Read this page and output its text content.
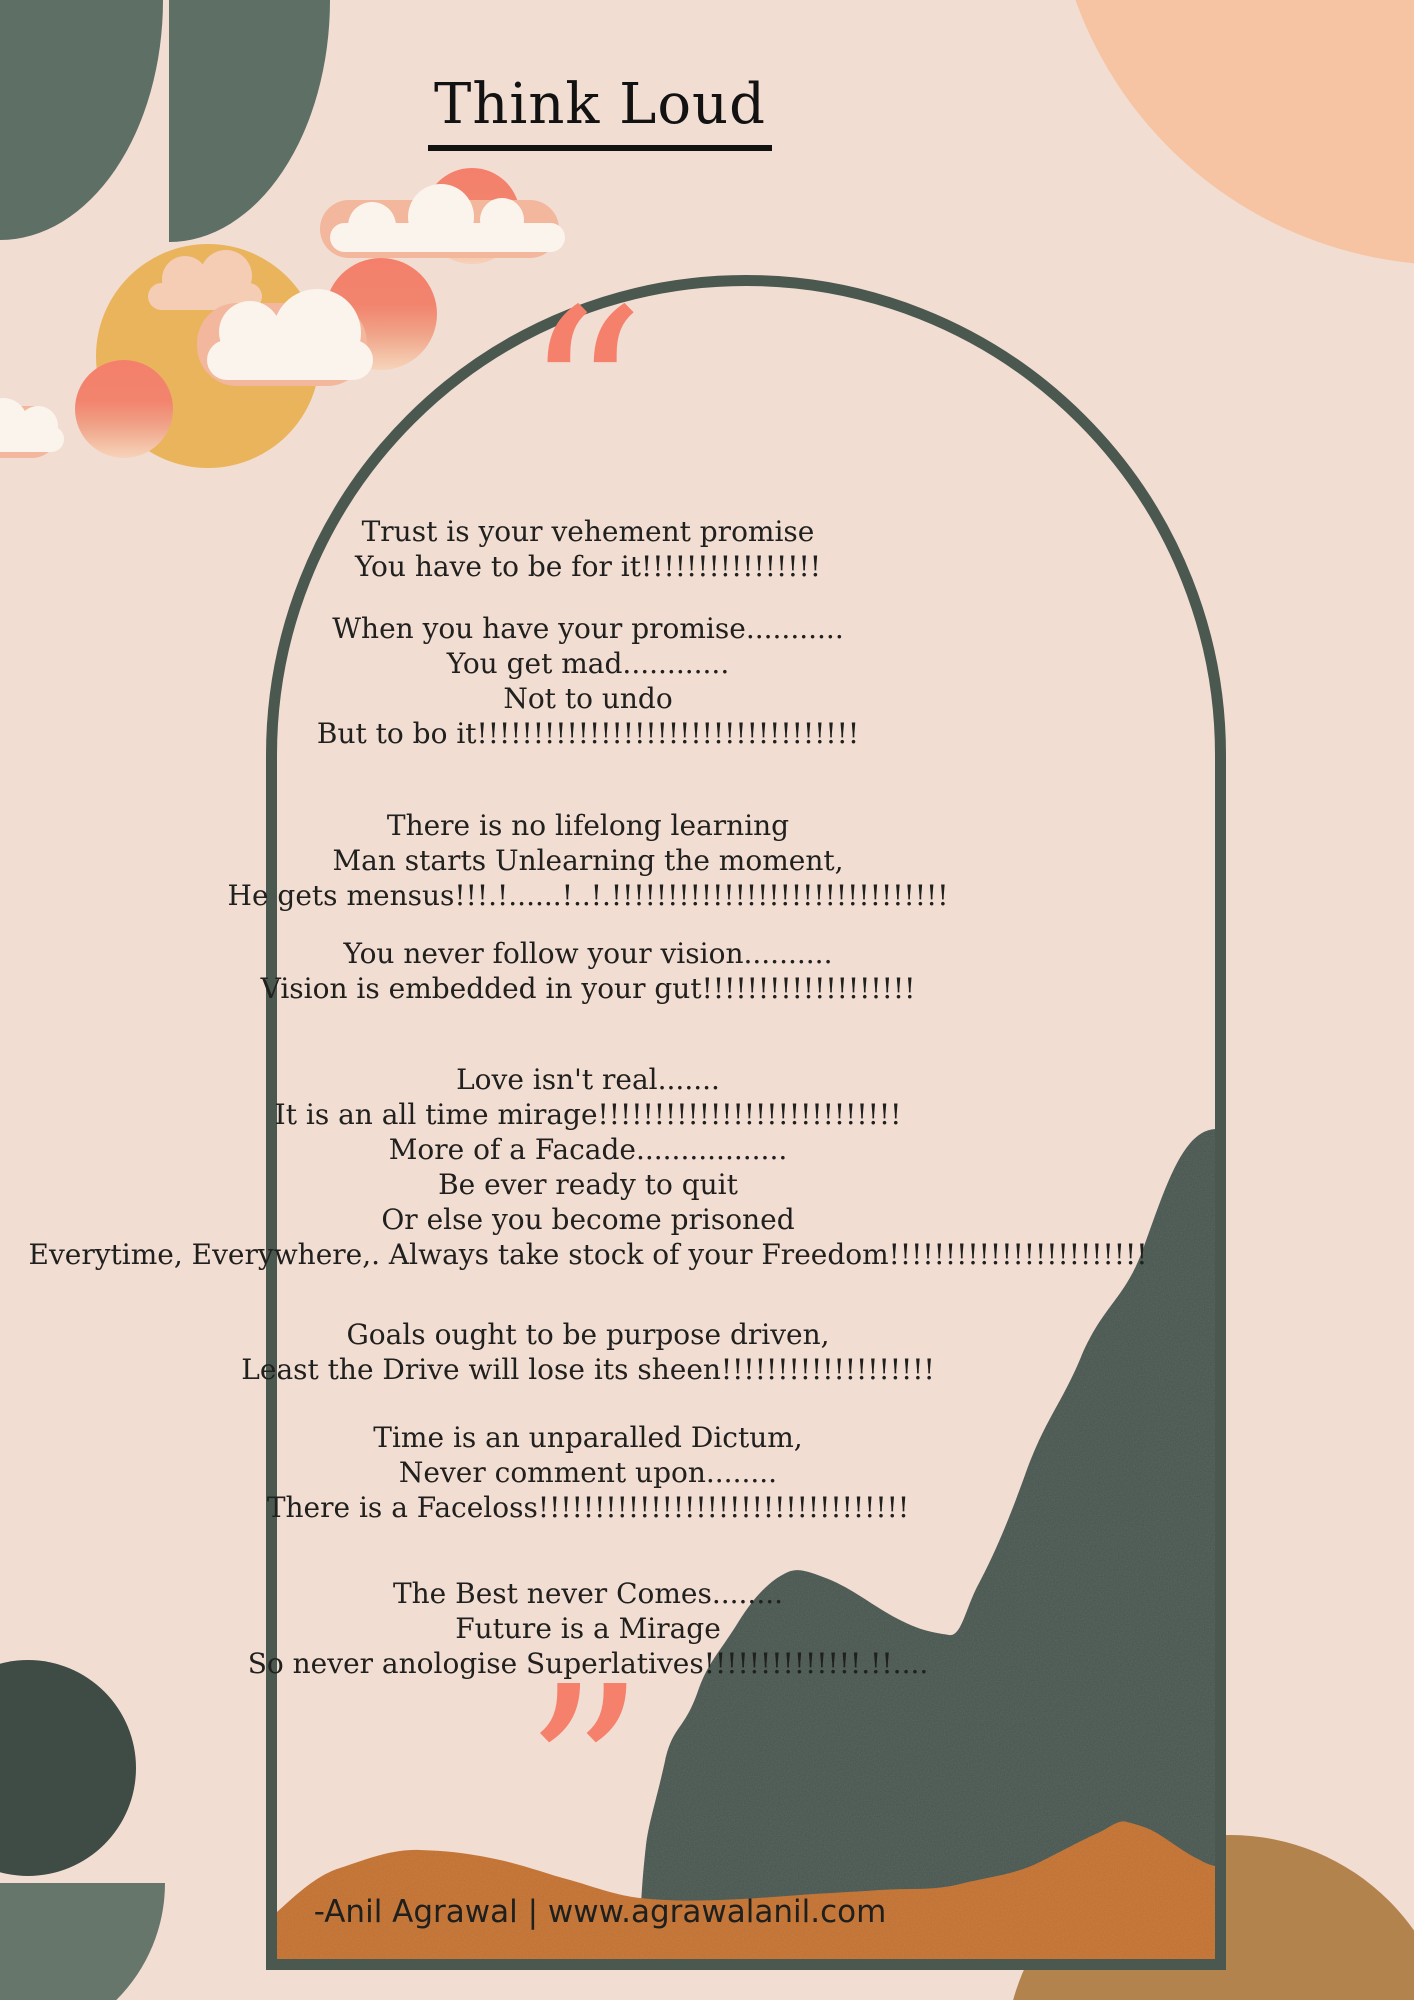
Think Loud
-Anil Agrawal | www.agrawalanil.com
“
”
Trust is your vehement promise
You have to be for it!!!!!!!!!!!!!!!!
When you have your promise...........
You get mad............
Not to undo
But to bo it!!!!!!!!!!!!!!!!!!!!!!!!!!!!!!!!!!
There is no lifelong learning
Man starts Unlearning the moment,
He gets mensus!!!.!......!..!.!!!!!!!!!!!!!!!!!!!!!!!!!!!!!!
You never follow your vision..........
Vision is embedded in your gut!!!!!!!!!!!!!!!!!!!
Love isn't real.......
It is an all time mirage!!!!!!!!!!!!!!!!!!!!!!!!!!!
More of a Facade.................
Be ever ready to quit
Or else you become prisoned
Everytime, Everywhere,. Always take stock of your Freedom!!!!!!!!!!!!!!!!!!!!!!!
Goals ought to be purpose driven,
Least the Drive will lose its sheen!!!!!!!!!!!!!!!!!!!
Time is an unparalled Dictum,
Never comment upon........
There is a Faceloss!!!!!!!!!!!!!!!!!!!!!!!!!!!!!!!!!
The Best never Comes........
Future is a Mirage
So never anologise Superlatives!!!!!!!!!!!!!!.!!....
